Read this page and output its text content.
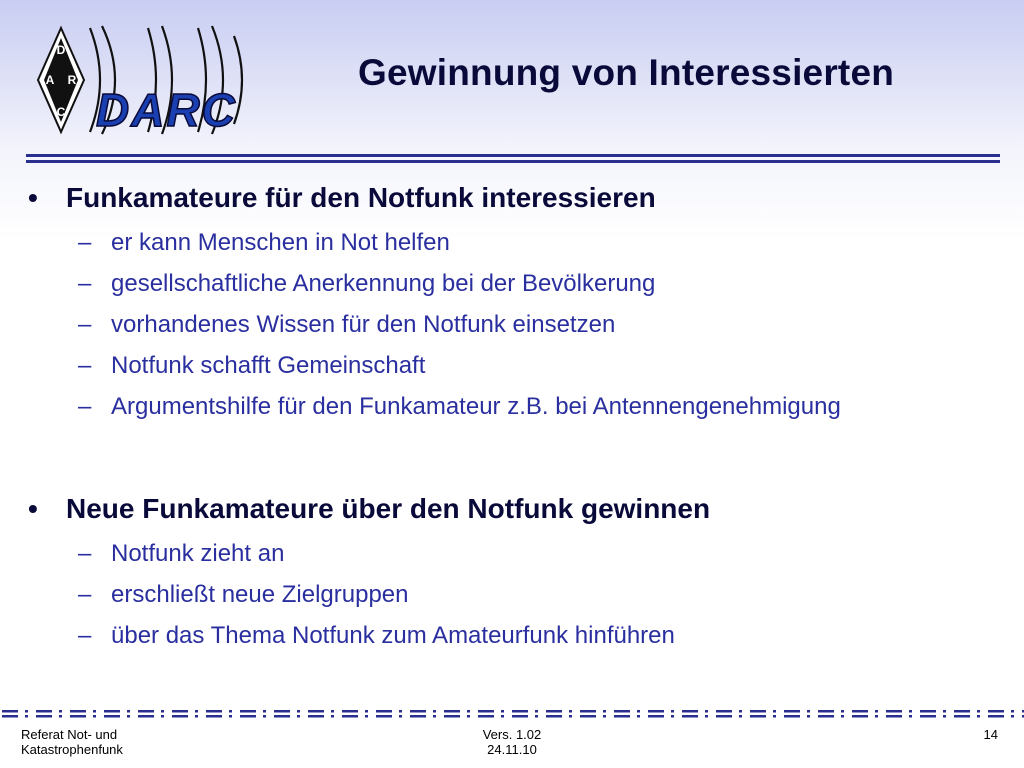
D
A R
C DARC
Gewinnung von Interessierten
• Funkamateure für den Notfunk interessieren
– er kann Menschen in Not helfen
– gesellschaftliche Anerkennung bei der Bevölkerung
– vorhandenes Wissen für den Notfunk einsetzen
– Notfunk schafft Gemeinschaft
– Argumentshilfe für den Funkamateur z.B. bei Antennengenehmigung
• Neue Funkamateure über den Notfunk gewinnen
– Notfunk zieht an
– erschließt neue Zielgruppen
– über das Thema Notfunk zum Amateurfunk hinführen
Referat Not- und
Katastrophenfunk
Vers. 1.02
24.11.10
14
